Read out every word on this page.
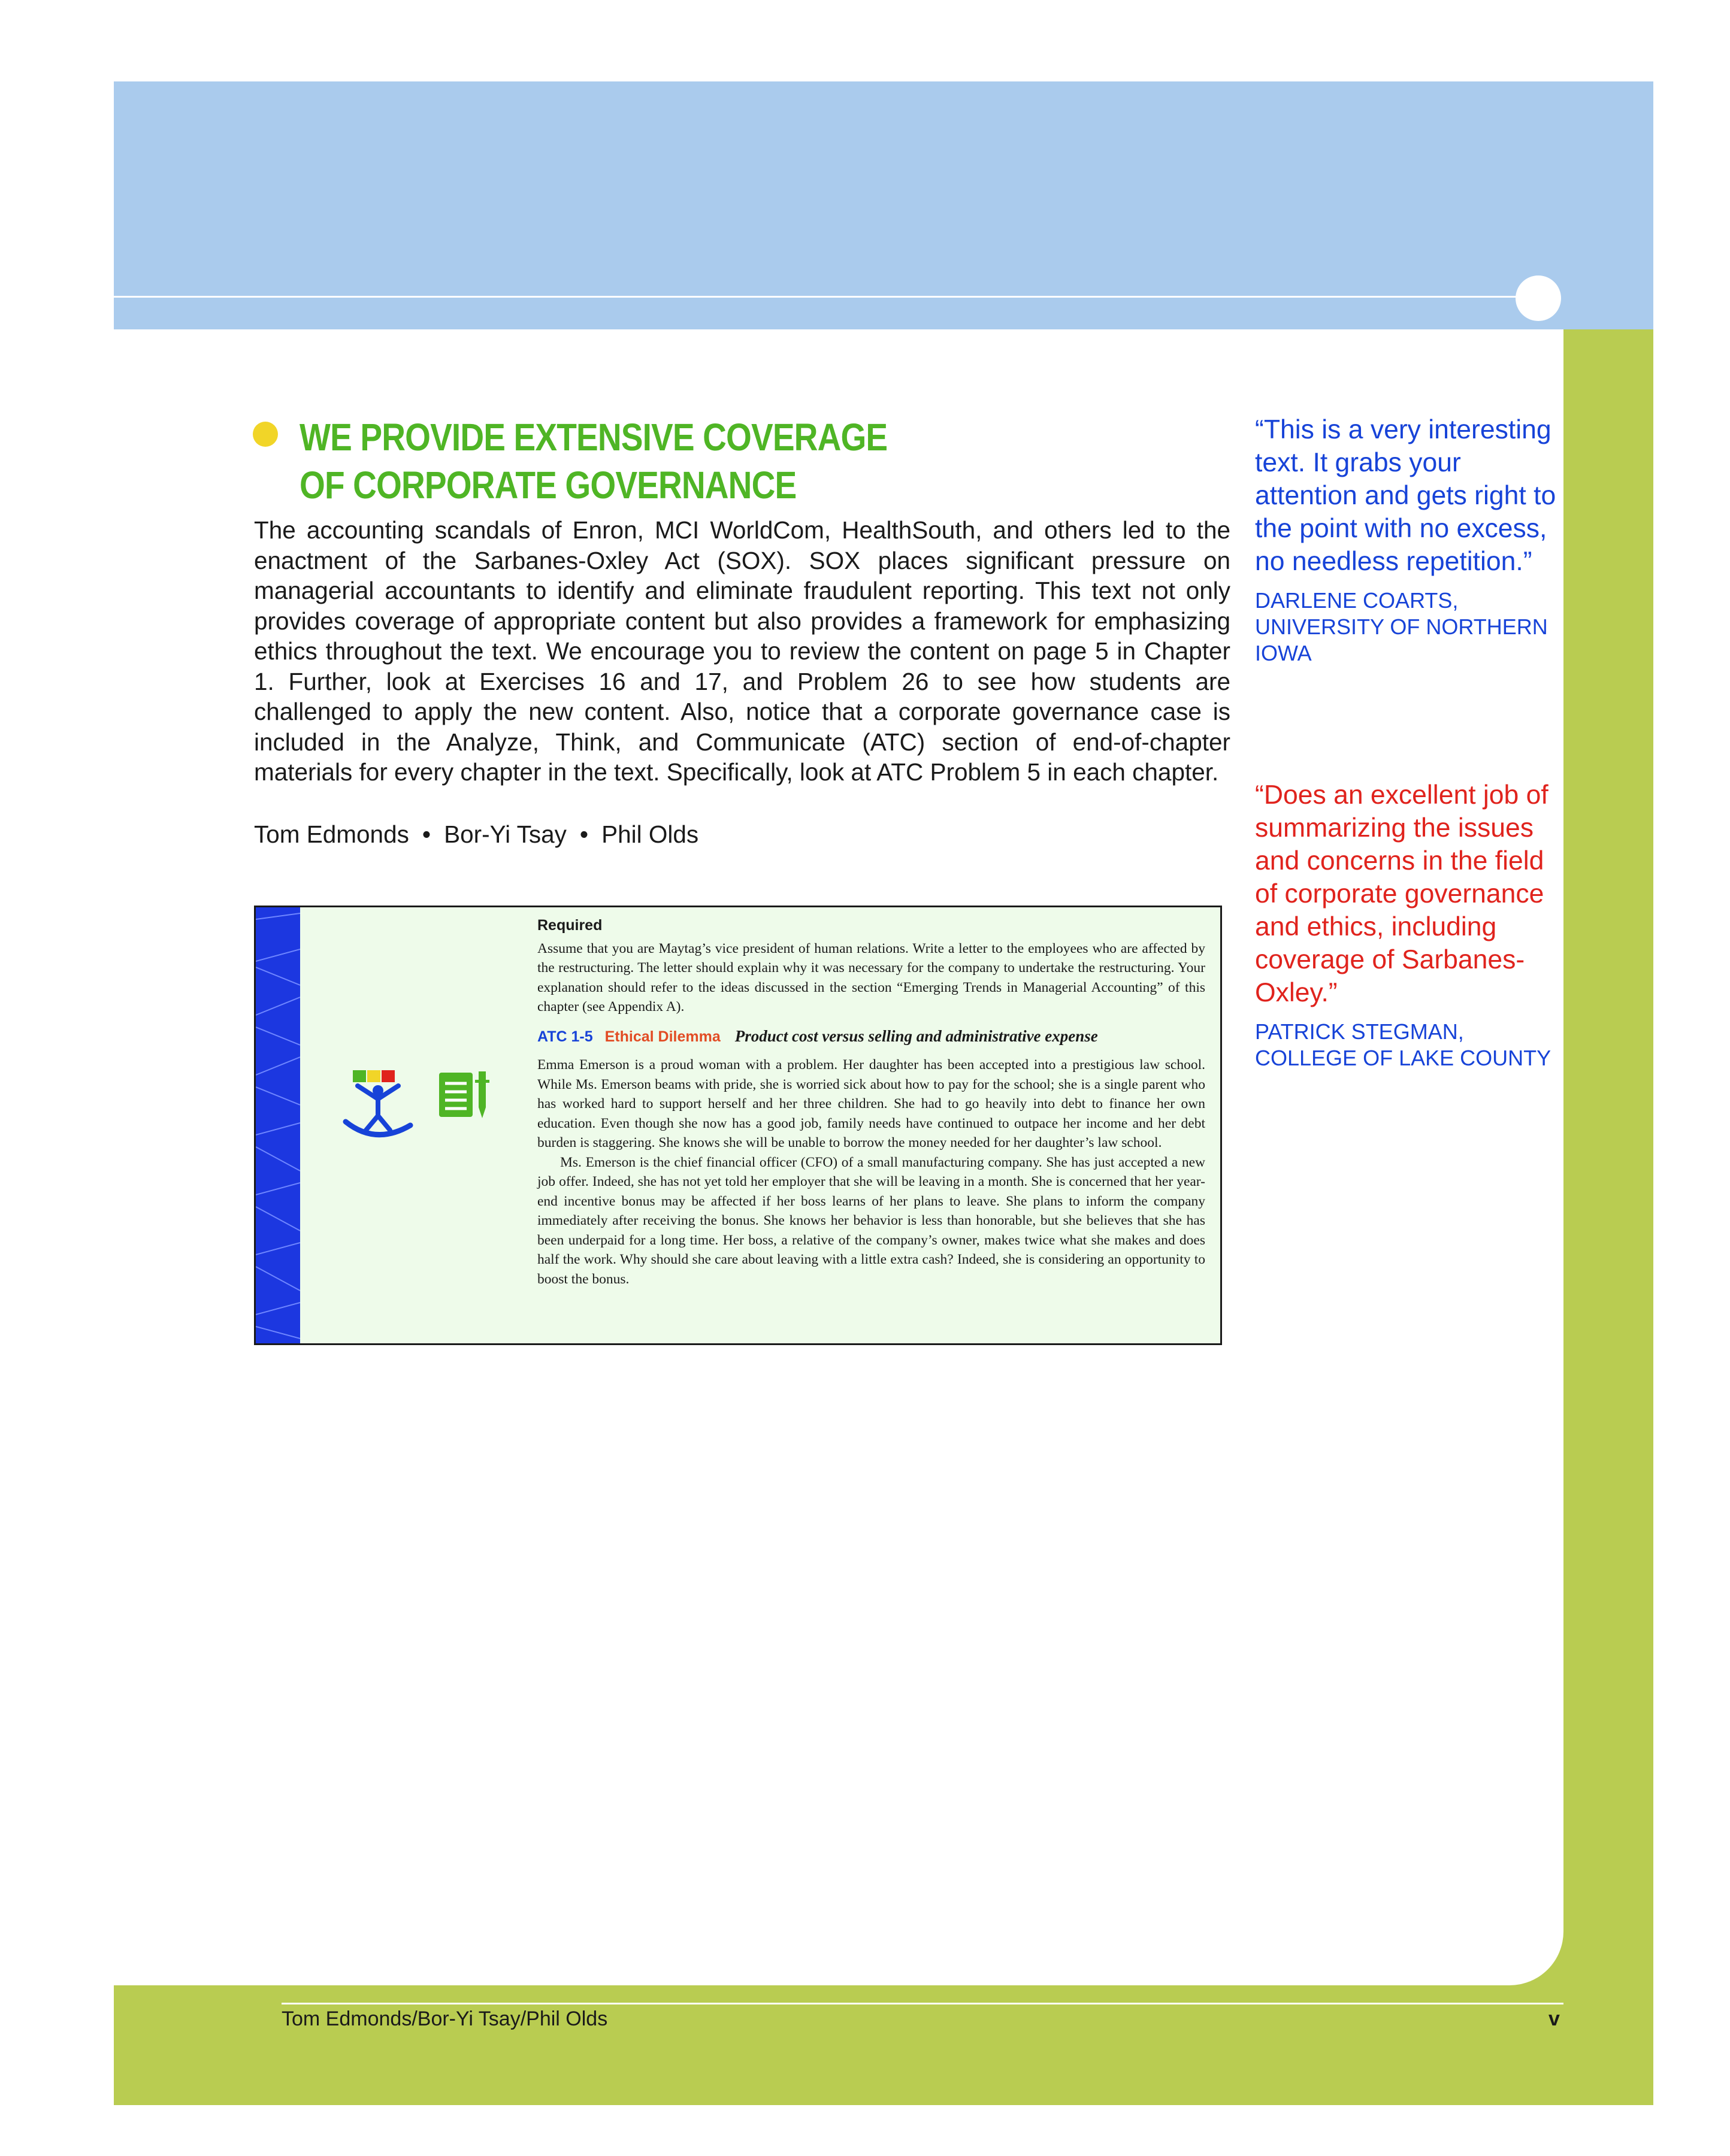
WE PROVIDE EXTENSIVE COVERAGE
OF CORPORATE GOVERNANCE

The accounting scandals of Enron, MCI WorldCom, HealthSouth, and others led to the enactment of the Sarbanes-Oxley Act (SOX). SOX places significant pressure on managerial accountants to identify and eliminate fraudulent reporting. This text not only provides coverage of appropriate content but also provides a framework for emphasizing ethics throughout the text. We encourage you to review the content on page 5 in Chapter 1. Further, look at Exercises 16 and 17, and Problem 26 to see how students are challenged to apply the new content. Also, notice that a corporate governance case is included in the Analyze, Think, and Communicate (ATC) section of end-of-chapter materials for every chapter in the text. Specifically, look at ATC Problem 5 in each chapter.

Tom Edmonds • Bor-Yi Tsay • Phil Olds

“This is a very interesting text. It grabs your attention and gets right to the point with no excess, no needless repetition.”

DARLENE COARTS,
UNIVERSITY OF NORTHERN IOWA

“Does an excellent job of summarizing the issues and concerns in the field of corporate governance and ethics, including coverage of Sarbanes-Oxley.”

PATRICK STEGMAN,
COLLEGE OF LAKE COUNTY
Required

Assume that you are Maytag’s vice president of human relations. Write a letter to the employees who are affected by the restructuring. The letter should explain why it was necessary for the company to undertake the restructuring. Your explanation should refer to the ideas discussed in the section “Emerging Trends in Managerial Accounting” of this chapter (see Appendix A).

ATC 1-5 Ethical Dilemma Product cost versus selling and administrative expense

Emma Emerson is a proud woman with a problem. Her daughter has been accepted into a prestigious law school. While Ms. Emerson beams with pride, she is worried sick about how to pay for the school; she is a single parent who has worked hard to support herself and her three children. She had to go heavily into debt to finance her own education. Even though she now has a good job, family needs have continued to outpace her income and her debt burden is staggering. She knows she will be unable to borrow the money needed for her daughter’s law school.

Ms. Emerson is the chief financial officer (CFO) of a small manufacturing company. She has just accepted a new job offer. Indeed, she has not yet told her employer that she will be leaving in a month. She is concerned that her year-end incentive bonus may be affected if her boss learns of her plans to leave. She plans to inform the company immediately after receiving the bonus. She knows her behavior is less than honorable, but she believes that she has been underpaid for a long time. Her boss, a relative of the company’s owner, makes twice what she makes and does half the work. Why should she care about leaving with a little extra cash? Indeed, she is considering an opportunity to boost the bonus.

Tom Edmonds/Bor-Yi Tsay/Phil Olds	v
